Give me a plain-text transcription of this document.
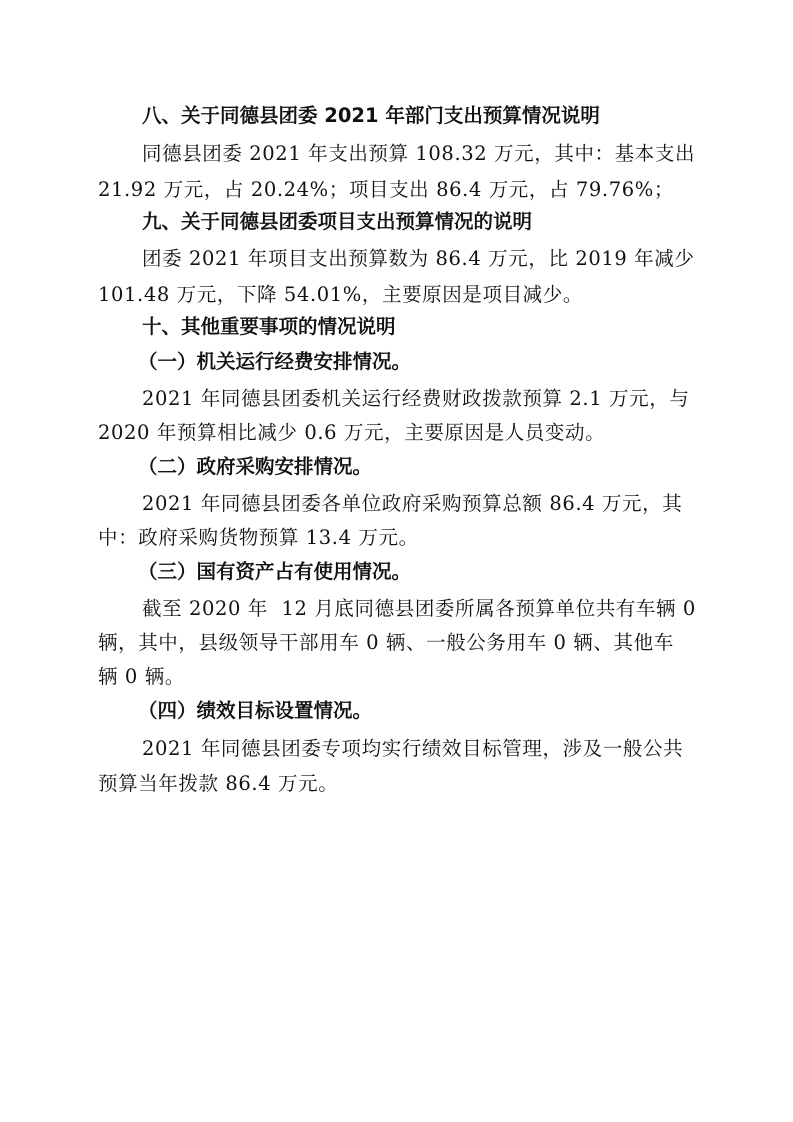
八、关于同德县团委 2021 年部门支出预算情况说明
同德县团委 2021 年支出预算 108.32 万元，其中：基本支出
21.92 万元，占 20.24%；项目支出 86.4 万元，占 79.76%；
九、关于同德县团委项目支出预算情况的说明
团委 2021 年项目支出预算数为 86.4 万元，比 2019 年减少
101.48 万元，下降 54.01%，主要原因是项目减少。
十、其他重要事项的情况说明
（一）机关运行经费安排情况。
2021 年同德县团委机关运行经费财政拨款预算 2.1 万元，与
2020 年预算相比减少 0.6 万元，主要原因是人员变动。
（二）政府采购安排情况。
2021 年同德县团委各单位政府采购预算总额 86.4 万元，其
中：政府采购货物预算 13.4 万元。
（三）国有资产占有使用情况。
截至 2020 年  12 月底同德县团委所属各预算单位共有车辆 0
辆，其中，县级领导干部用车 0 辆、一般公务用车 0 辆、其他车
辆 0 辆。
（四）绩效目标设置情况。
2021 年同德县团委专项均实行绩效目标管理，涉及一般公共
预算当年拨款 86.4 万元。
